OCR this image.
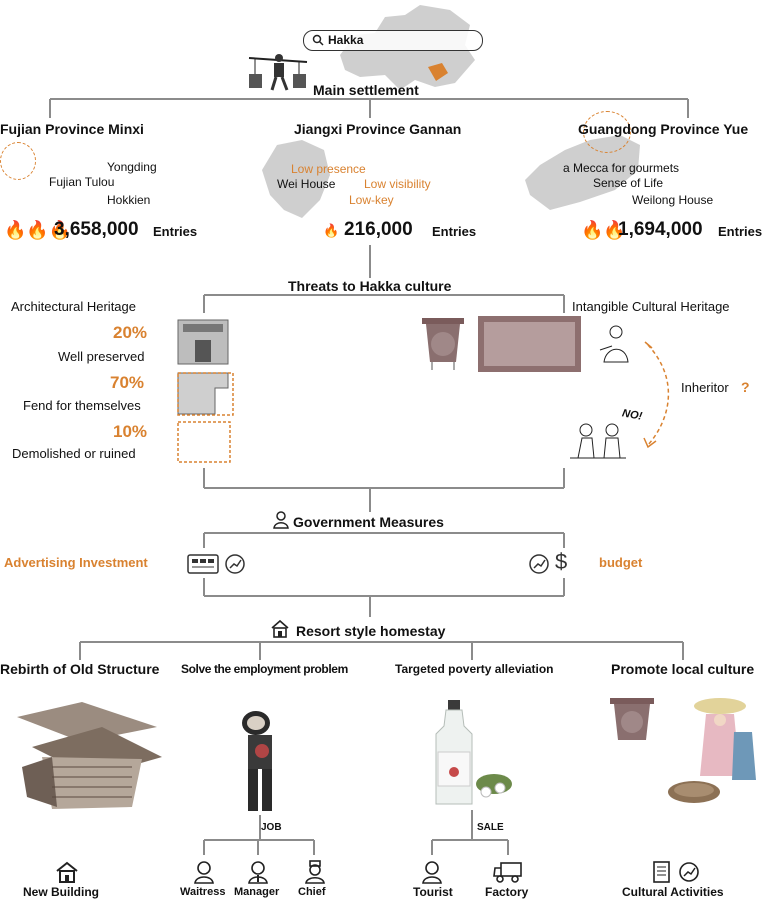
Hakka
Main settlement
Fujian Province Minxi
Yongding
Fujian Tulou
Hokkien
🔥🔥🔥
3,658,000 Entries
Jiangxi Province Gannan
Low presence
Wei House Low visibility
Low-key
🔥 216,000 Entries
Guangdong Province Yue
a Mecca for gourmets
Sense of Life
Weilong House
🔥🔥
1,694,000 Entries
Threats to Hakka culture
Architectural Heritage
20%
Well preserved
70%
Fend for themselves
10%
Demolished or ruined
Intangible Cultural Heritage
Inheritor ?
NO!
Government Measures
Advertising Investment	$ budget
Resort style homestay
Rebirth of Old Structure Solve the employment problem	Targeted poverty alleviation	Promote local culture
JOB	SALE
New Building	Waitress Manager Chief	Tourist	Factory	Cultural Activities
